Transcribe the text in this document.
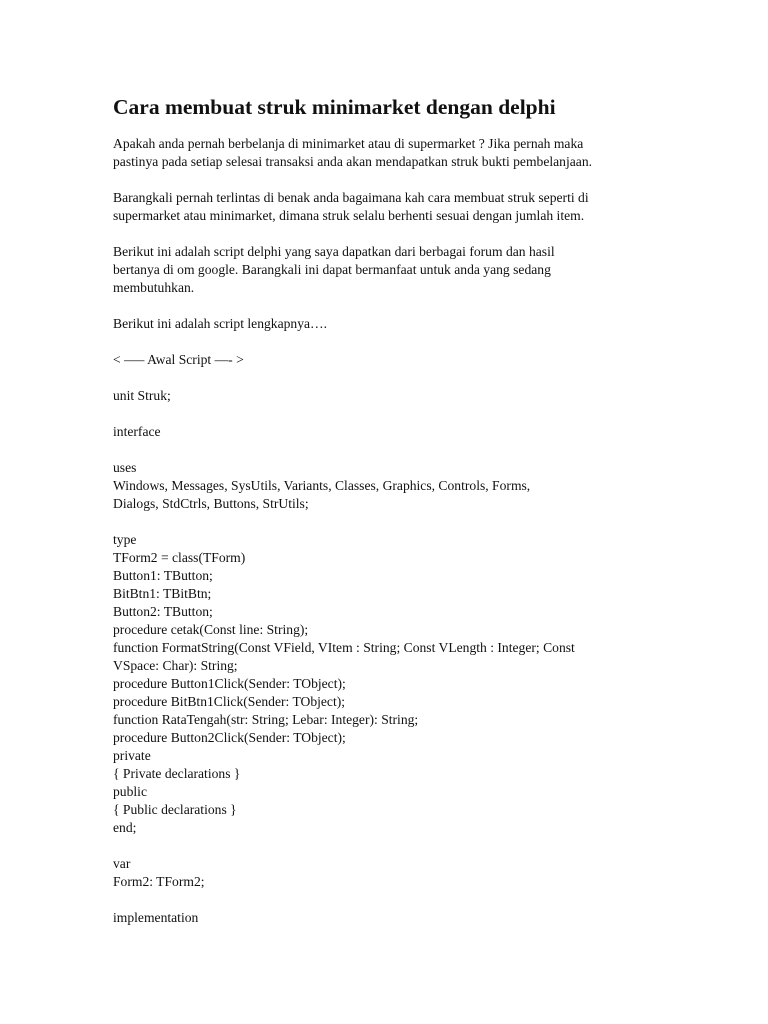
Cara membuat struk minimarket dengan delphi

Apakah anda pernah berbelanja di minimarket atau di supermarket ? Jika pernah maka
pastinya pada setiap selesai transaksi anda akan mendapatkan struk bukti pembelanjaan.

Barangkali pernah terlintas di benak anda bagaimana kah cara membuat struk seperti di
supermarket atau minimarket, dimana struk selalu berhenti sesuai dengan jumlah item.

Berikut ini adalah script delphi yang saya dapatkan dari berbagai forum dan hasil
bertanya di om google. Barangkali ini dapat bermanfaat untuk anda yang sedang
membutuhkan.

Berikut ini adalah script lengkapnya….

< —– Awal Script —- >

unit Struk;
interface
uses
Windows, Messages, SysUtils, Variants, Classes, Graphics, Controls, Forms,
Dialogs, StdCtrls, Buttons, StrUtils;
type
TForm2 = class(TForm)
Button1: TButton;
BitBtn1: TBitBtn;
Button2: TButton;
procedure cetak(Const line: String);
function FormatString(Const VField, VItem : String; Const VLength : Integer; Const
VSpace: Char): String;
procedure Button1Click(Sender: TObject);
procedure BitBtn1Click(Sender: TObject);
function RataTengah(str: String; Lebar: Integer): String;
procedure Button2Click(Sender: TObject);
private
{ Private declarations }
public
{ Public declarations }
end;
var
Form2: TForm2;
implementation
